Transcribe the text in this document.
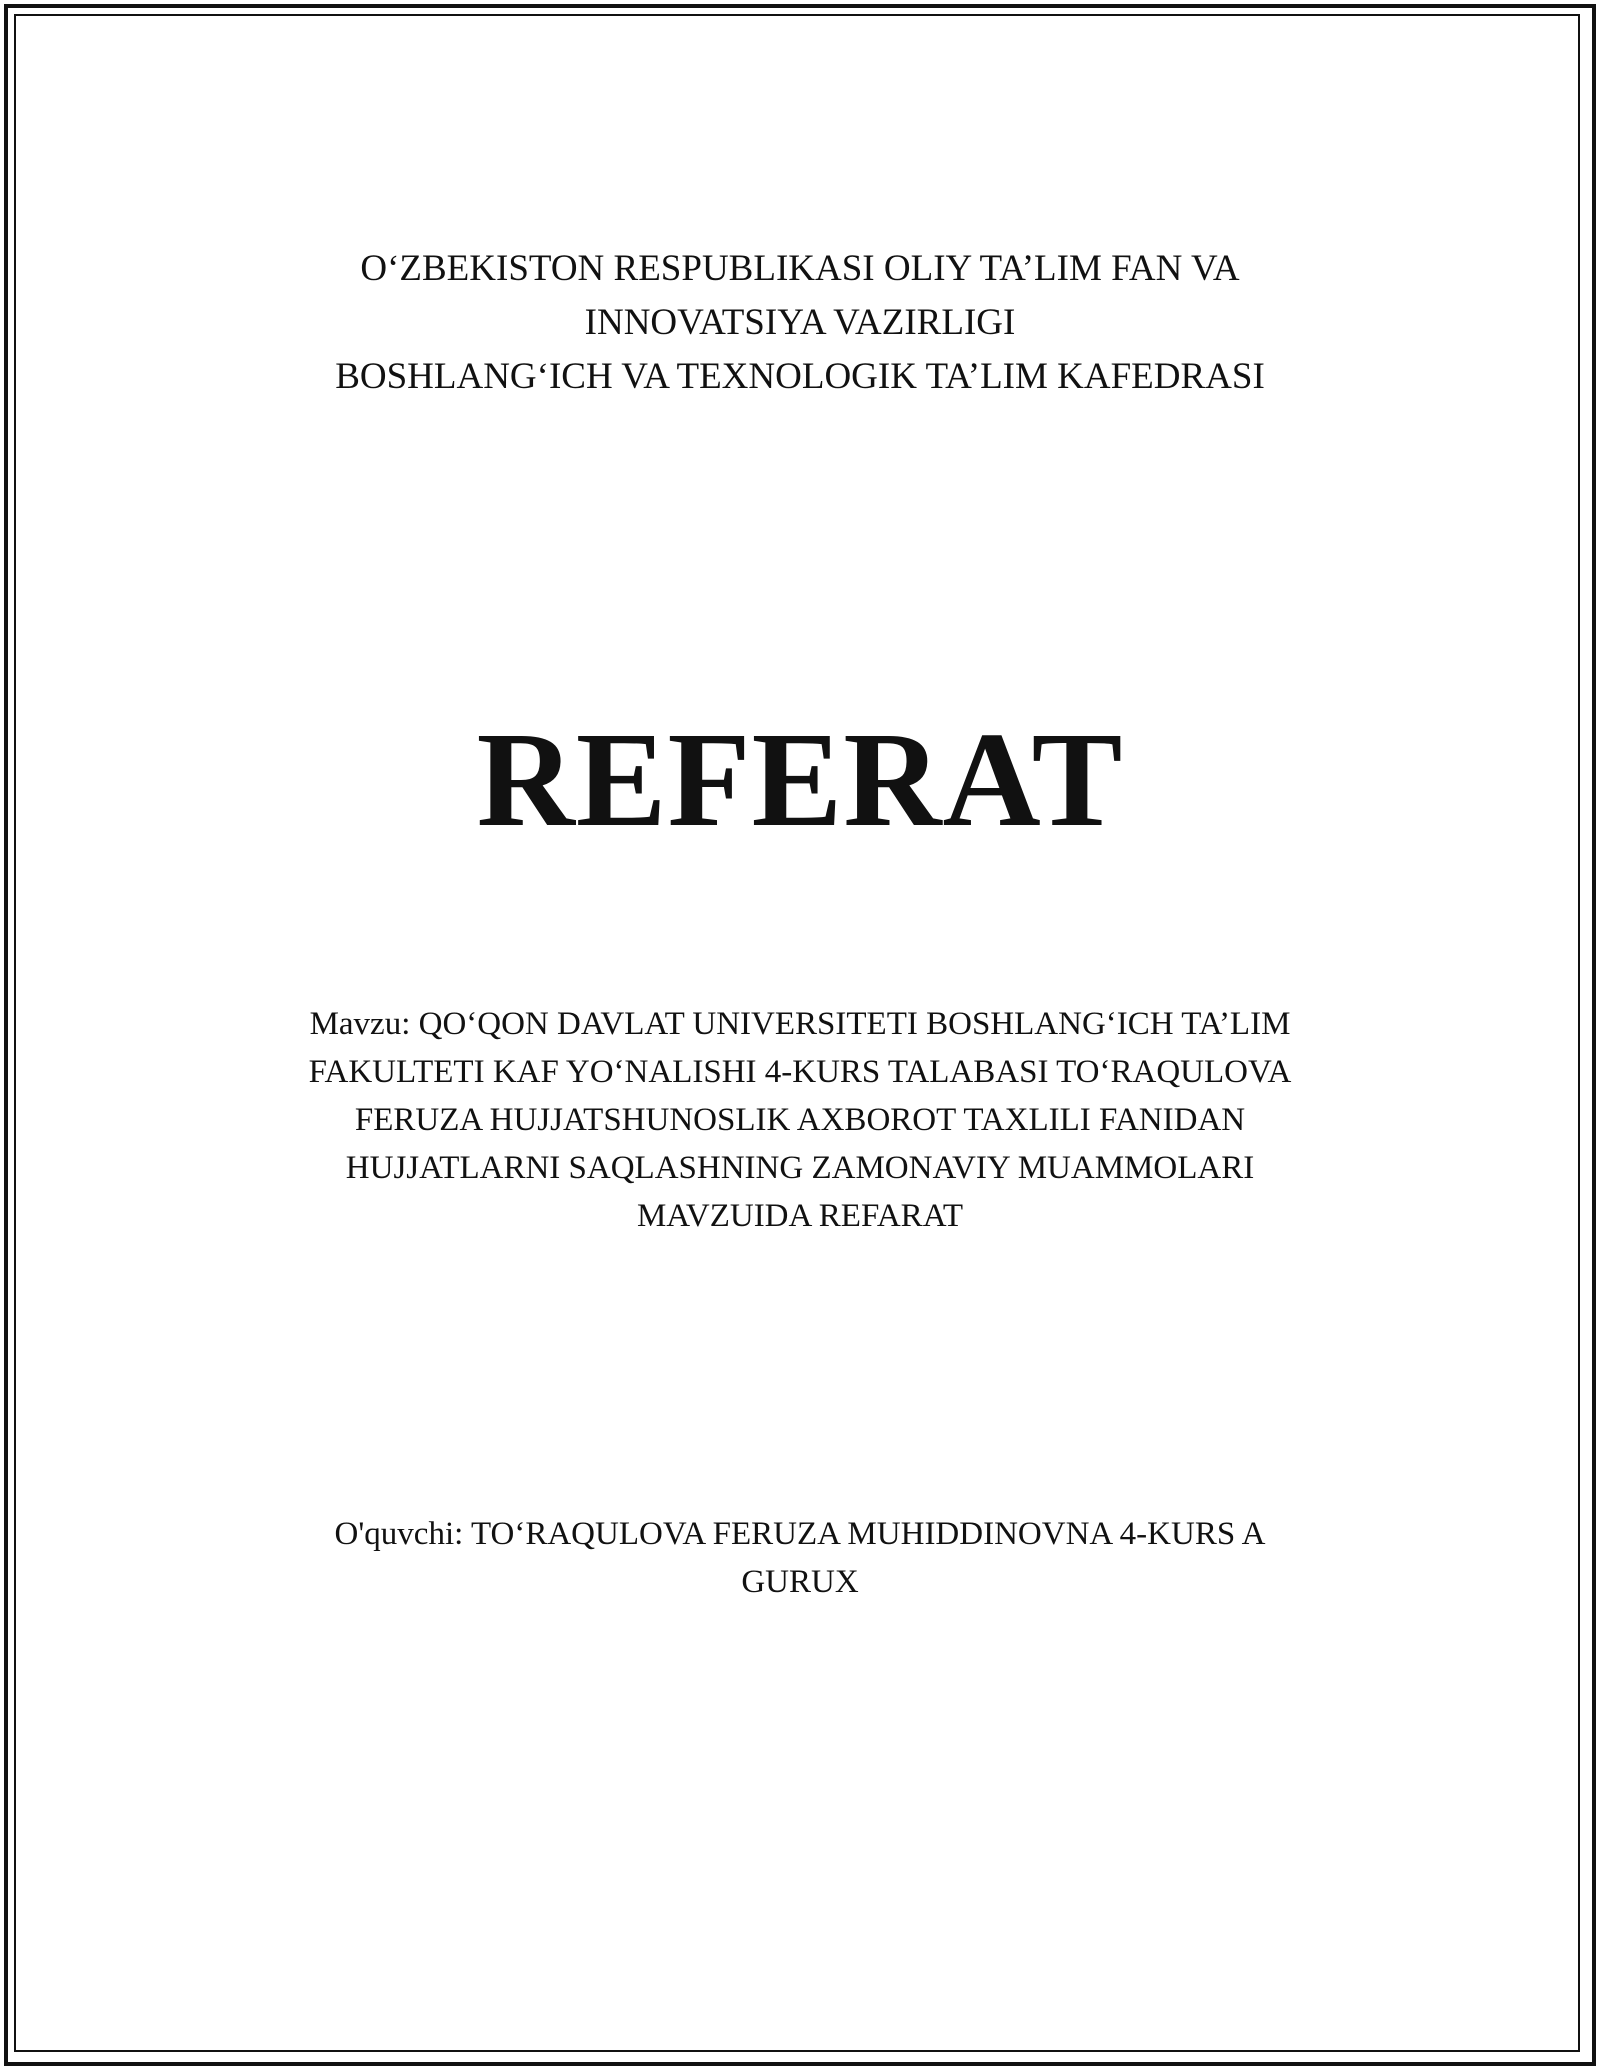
O‘ZBEKISTON RESPUBLIKASI OLIY TA’LIM FAN VA
INNOVATSIYA VAZIRLIGI
BOSHLANG‘ICH VA TEXNOLOGIK TA’LIM KAFEDRASI
REFERAT
Mavzu: QO‘QON DAVLAT UNIVERSITETI BOSHLANG‘ICH TA’LIM
FAKULTETI KAF YO‘NALISHI 4-KURS TALABASI TO‘RAQULOVA
FERUZA HUJJATSHUNOSLIK AXBOROT TAXLILI FANIDAN
HUJJATLARNI SAQLASHNING ZAMONAVIY MUAMMOLARI
MAVZUIDA REFARAT
O'quvchi: TO‘RAQULOVA FERUZA MUHIDDINOVNA 4-KURS A
GURUX
